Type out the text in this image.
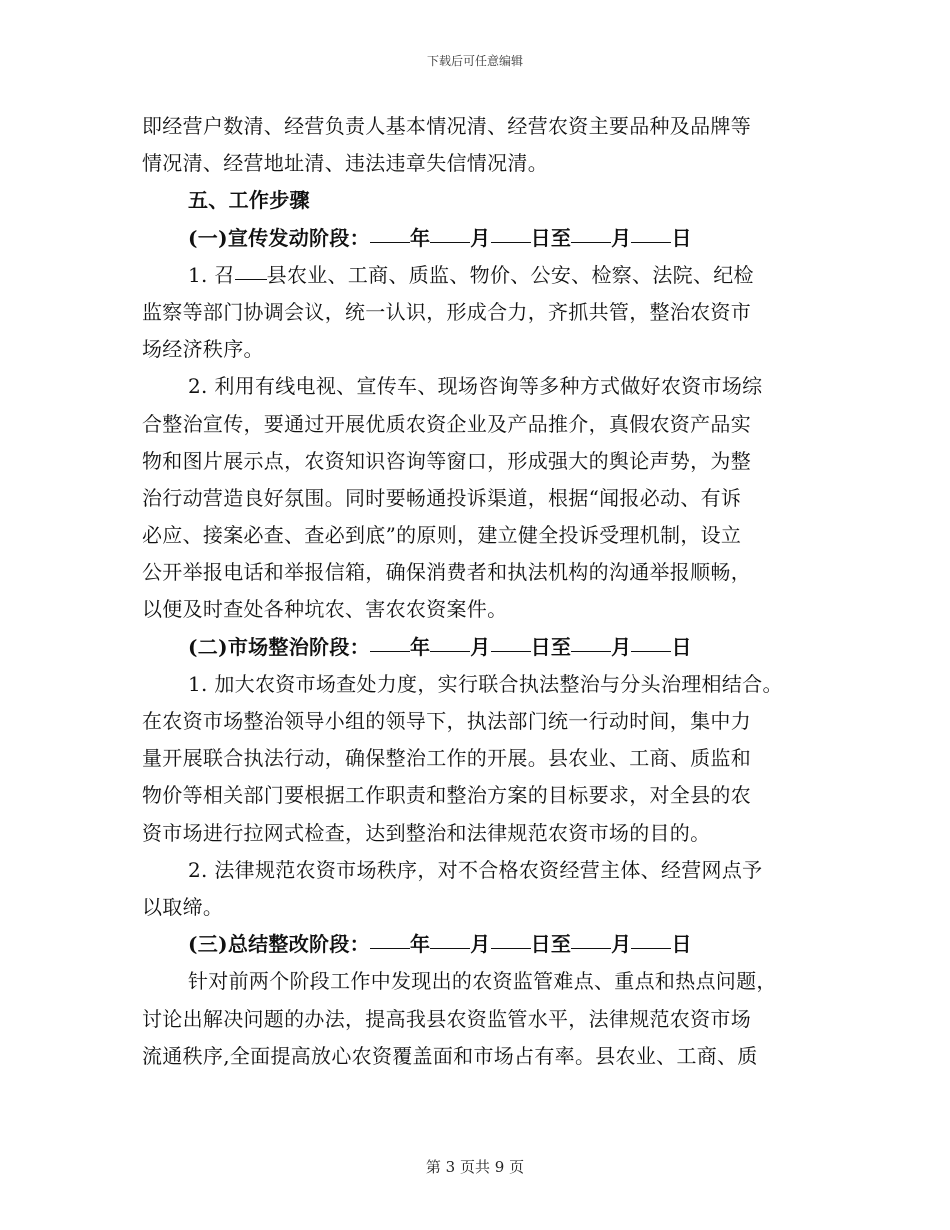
下载后可任意编辑
即经营户数清、经营负责人基本情况清、经营农资主要品种及品牌等
情况清、经营地址清、违法违章失信情况清。
五、工作步骤
(一)宣传发动阶段： 年 月 日至 月 日
1. 召 县农业、工商、质监、物价、公安、检察、法院、纪检
监察等部门协调会议，统一认识，形成合力，齐抓共管，整治农资市
场经济秩序。
2. 利用有线电视、宣传车、现场咨询等多种方式做好农资市场综
合整治宣传，要通过开展优质农资企业及产品推介，真假农资产品实
物和图片展示点，农资知识咨询等窗口，形成强大的舆论声势，为整
治行动营造良好氛围。同时要畅通投诉渠道，根据“闻报必动、有诉
必应、接案必查、查必到底”的原则，建立健全投诉受理机制，设立
公开举报电话和举报信箱，确保消费者和执法机构的沟通举报顺畅，
以便及时查处各种坑农、害农农资案件。
(二)市场整治阶段： 年 月 日至 月 日
1. 加大农资市场查处力度，实行联合执法整治与分头治理相结合。
在农资市场整治领导小组的领导下，执法部门统一行动时间，集中力
量开展联合执法行动，确保整治工作的开展。县农业、工商、质监和
物价等相关部门要根据工作职责和整治方案的目标要求，对全县的农
资市场进行拉网式检查，达到整治和法律规范农资市场的目的。
2. 法律规范农资市场秩序，对不合格农资经营主体、经营网点予
以取缔。
(三)总结整改阶段： 年 月 日至 月 日
针对前两个阶段工作中发现出的农资监管难点、重点和热点问题，
讨论出解决问题的办法，提高我县农资监管水平，法律规范农资市场
流通秩序,全面提高放心农资覆盖面和市场占有率。县农业、工商、质
第 3 页共 9 页
